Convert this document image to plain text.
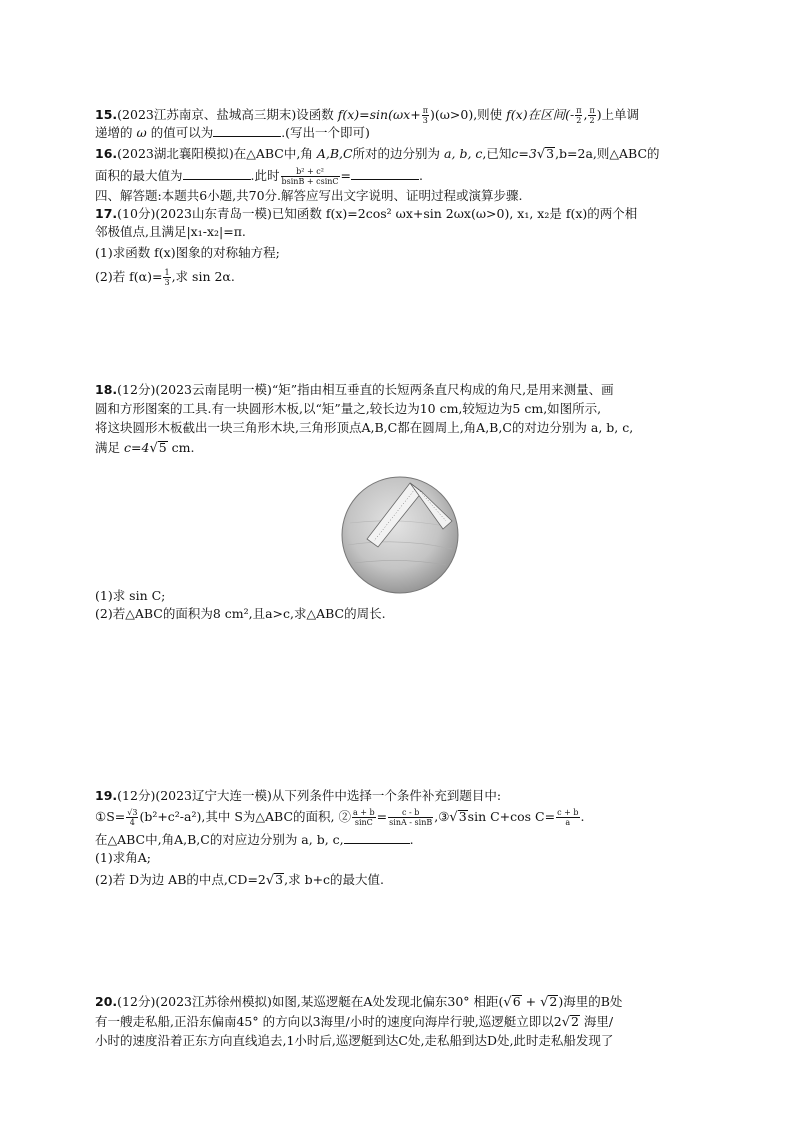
15.(2023江苏南京、盐城高三期末)设函数 $f(x)=\sin(\omega x+ \frac{\pi}{3} )(\omega>0)$,则使 f(x)在区间(- $\frac{\pi}{2}$ , $\frac{\pi}{2}$ )上单调
递增的 ω 的值可以为	.(写出一个即可)
16.(2023湖北襄阳模拟)在△ABC中,角 A,B,C所对的边分别为 a, b, c,已知c=3√3,b=2a,则△ABC的
面积的最大值为	.此时 $\frac{\text{b² + c²}}{bsinB + csinC}$ =	.
四、解答题:本题共6小题,共70分.解答应写出文字说明、证明过程或演算步骤.
17.(10分)(2023山东青岛一模)已知函数 f(x)=2cos² ωx+sin 2ωx(ω>0), x₁, x₂是 f(x)的两个相
邻极值点,且满足|x₁-x₂|=π.
(1)求函数 f(x)图象的对称轴方程;
(2)若 $f(\alpha)= \frac{1}{3}$ ,求 sin 2α.
18.(12分)(2023云南昆明一模)“矩”指由相互垂直的长短两条直尺构成的角尺,是用来测量、画
圆和方形图案的工具.有一块圆形木板,以“矩”量之,较长边为10 cm,较短边为5 cm,如图所示,
将这块圆形木板截出一块三角形木块,三角形顶点A,B,C都在圆周上,角A,B,C的对边分别为 a, b, c,
满足 c=4√5 cm.
(1)求 sin C;
(2)若△ABC的面积为8 cm²,且a>c,求△ABC的周长.
19.(12分)(2023辽宁大连一模)从下列条件中选择一个条件补充到题目中:
①S= $\frac{√3}{4} (b^2+c^2-a^2)$,其中 S为△ABC的面积, ② $\frac{a + b}{\sin C} = \frac{c - b}{\sin A - \sin B}$ ,③√3sin C+cos $C= \frac{c + b}{a}$ .
在△ABC中,角A,B,C的对应边分别为 a, b, c,	.
(1)求角A;
(2)若 D为边 AB的中点,CD=2√3,求 b+c的最大值.
20.(12分)(2023江苏徐州模拟)如图,某巡逻艇在A处发现北偏东30° 相距(√6 + √2)海里的B处
有一艘走私船,正沿东偏南45° 的方向以3海里/小时的速度向海岸行驶,巡逻艇立即以2√2 海里/
小时的速度沿着正东方向直线追去,1小时后,巡逻艇到达C处,走私船到达D处,此时走私船发现了
